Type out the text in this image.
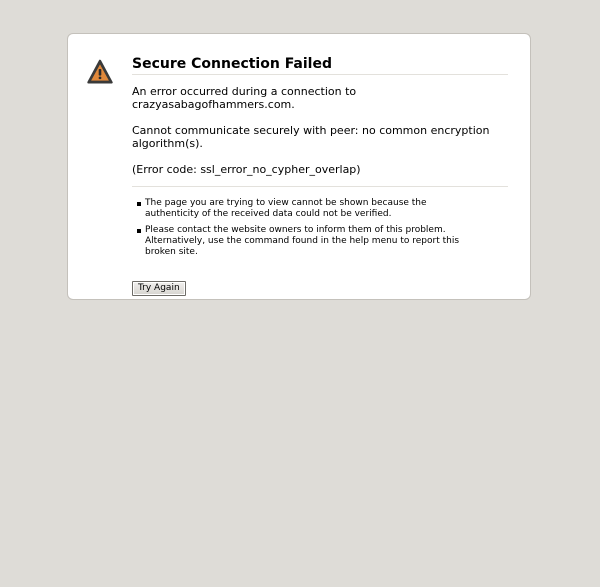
Secure Connection Failed

An error occurred during a connection to crazyasabagofhammers.com.

Cannot communicate securely with peer: no common encryption algorithm(s).

(Error code: ssl_error_no_cypher_overlap)

The page you are trying to view cannot be shown because the authenticity of the received data could not be verified.
Please contact the website owners to inform them of this problem. Alternatively, use the command found in the help menu to report this broken site.
Try Again
